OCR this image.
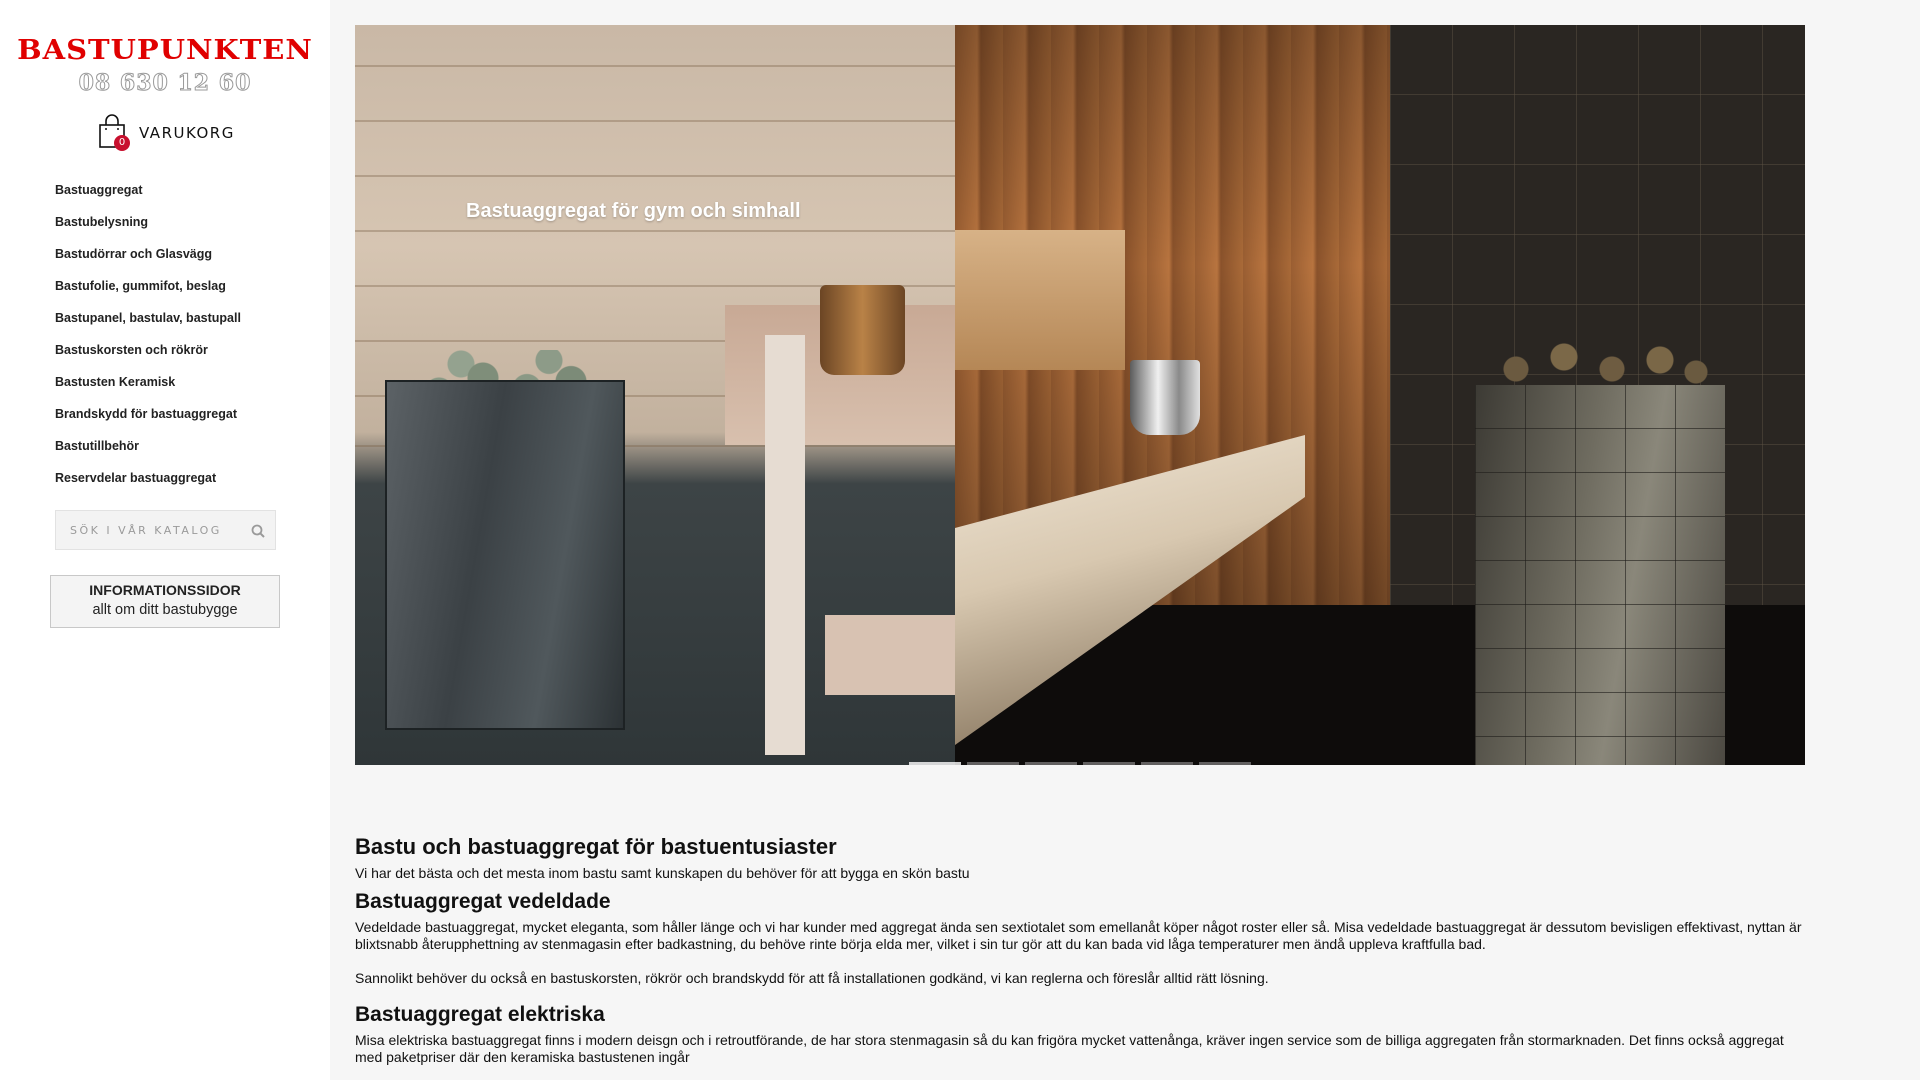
BASTUPUNKTEN
08 630 12 60
0
VARUKORG
Bastuaggregat
Bastubelysning
Bastudörrar och Glasvägg
Bastufolie, gummifot, beslag
Bastupanel, bastulav, bastupall
Bastuskorsten och rökrör
Bastusten Keramisk
Brandskydd för bastuaggregat
Bastutillbehör
Reservdelar bastuaggregat
SÖK I VÅR KATALOG
INFORMATIONSSIDOR
allt om ditt bastubygge
Bastuaggregat för gym och simhall
Bastu och bastuaggregat för bastuentusiaster

Vi har det bästa och det mesta inom bastu samt kunskapen du behöver för att bygga en skön bastu

Bastuaggregat vedeldade

Vedeldade bastuaggregat, mycket eleganta, som håller länge och vi har kunder med aggregat ända sen sextiotalet som emellanåt köper något roster eller så. Misa vedeldade bastuaggregat är dessutom bevisligen effektivast, nyttan är blixtsnabb återupphettning av stenmagasin efter badkastning, du behöve rinte börja elda mer, vilket i sin tur gör att du kan bada vid låga temperaturer men ändå uppleva kraftfulla bad.

Sannolikt behöver du också en bastuskorsten, rökrör och brandskydd för att få installationen godkänd, vi kan reglerna och föreslår alltid rätt lösning.

Bastuaggregat elektriska

Misa elektriska bastuaggregat finns i modern deisgn och i retroutförande, de har stora stenmagasin så du kan frigöra mycket vattenånga, kräver ingen service som de billiga aggregaten från stormarknaden. Det finns också aggregat med paketpriser där den keramiska bastustenen ingår
